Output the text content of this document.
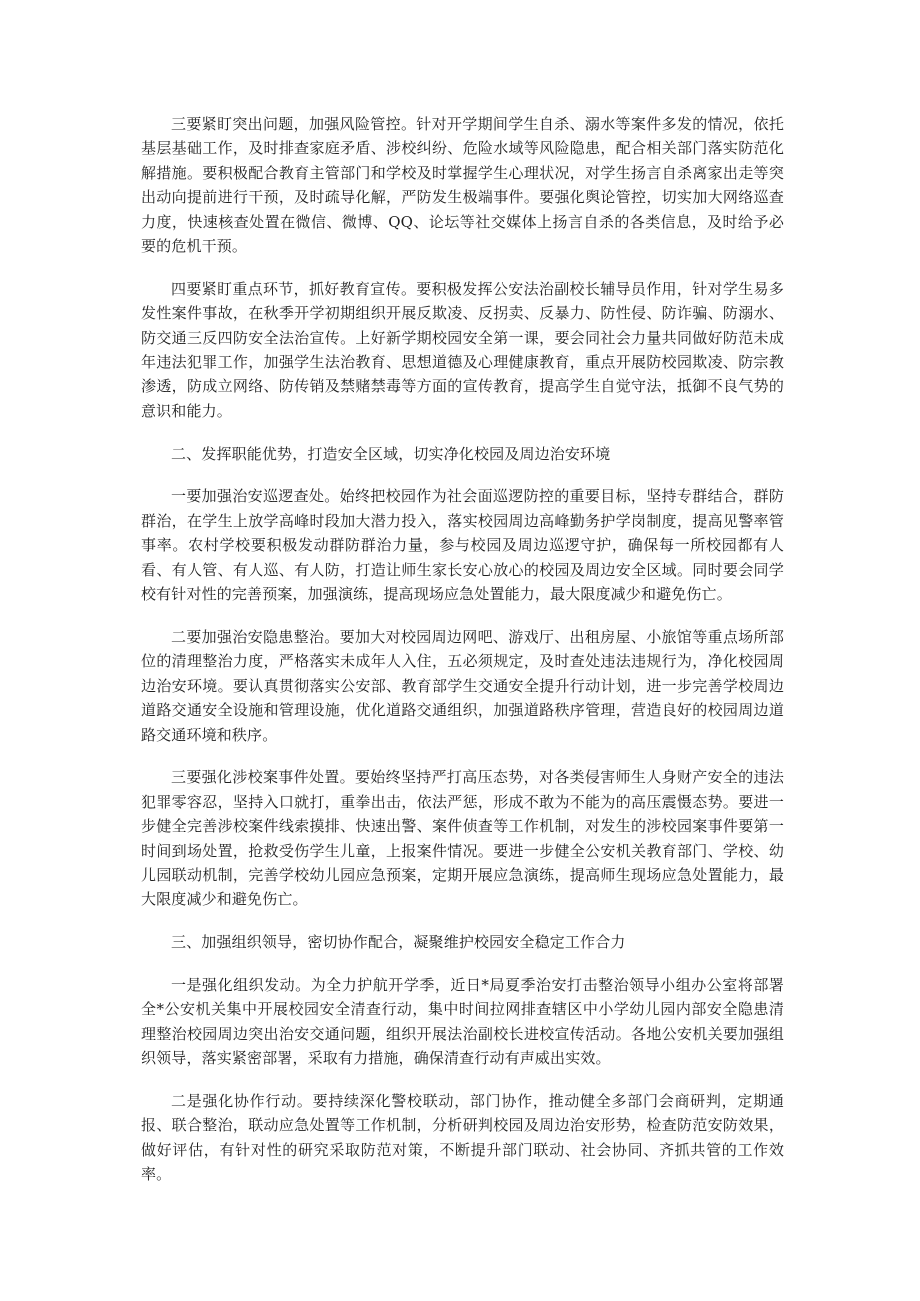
三要紧盯突出问题，加强风险管控。针对开学期间学生自杀、溺水等案件多发的情况，依托基层基础工作，及时排查家庭矛盾、涉校纠纷、危险水域等风险隐患，配合相关部门落实防范化解措施。要积极配合教育主管部门和学校及时掌握学生心理状况，对学生扬言自杀离家出走等突出动向提前进行干预，及时疏导化解，严防发生极端事件。要强化舆论管控，切实加大网络巡查力度，快速核查处置在微信、微博、QQ、论坛等社交媒体上扬言自杀的各类信息，及时给予必要的危机干预。

四要紧盯重点环节，抓好教育宣传。要积极发挥公安法治副校长辅导员作用，针对学生易多发性案件事故，在秋季开学初期组织开展反欺凌、反拐卖、反暴力、防性侵、防诈骗、防溺水、防交通三反四防安全法治宣传。上好新学期校园安全第一课，要会同社会力量共同做好防范未成年违法犯罪工作，加强学生法治教育、思想道德及心理健康教育，重点开展防校园欺凌、防宗教渗透，防成立网络、防传销及禁赌禁毒等方面的宣传教育，提高学生自觉守法，抵御不良气势的意识和能力。

二、发挥职能优势，打造安全区域，切实净化校园及周边治安环境

一要加强治安巡逻查处。始终把校园作为社会面巡逻防控的重要目标，坚持专群结合，群防群治，在学生上放学高峰时段加大潜力投入，落实校园周边高峰勤务护学岗制度，提高见警率管事率。农村学校要积极发动群防群治力量，参与校园及周边巡逻守护，确保每一所校园都有人看、有人管、有人巡、有人防，打造让师生家长安心放心的校园及周边安全区域。同时要会同学校有针对性的完善预案，加强演练，提高现场应急处置能力，最大限度减少和避免伤亡。

二要加强治安隐患整治。要加大对校园周边网吧、游戏厅、出租房屋、小旅馆等重点场所部位的清理整治力度，严格落实未成年人入住，五必须规定，及时查处违法违规行为，净化校园周边治安环境。要认真贯彻落实公安部、教育部学生交通安全提升行动计划，进一步完善学校周边道路交通安全设施和管理设施，优化道路交通组织，加强道路秩序管理，营造良好的校园周边道路交通环境和秩序。

三要强化涉校案事件处置。要始终坚持严打高压态势，对各类侵害师生人身财产安全的违法犯罪零容忍，坚持入口就打，重拳出击，依法严惩，形成不敢为不能为的高压震慑态势。要进一步健全完善涉校案件线索摸排、快速出警、案件侦查等工作机制，对发生的涉校园案事件要第一时间到场处置，抢救受伤学生儿童，上报案件情况。要进一步健全公安机关教育部门、学校、幼儿园联动机制，完善学校幼儿园应急预案，定期开展应急演练，提高师生现场应急处置能力，最大限度减少和避免伤亡。

三、加强组织领导，密切协作配合，凝聚维护校园安全稳定工作合力

一是强化组织发动。为全力护航开学季，近日*局夏季治安打击整治领导小组办公室将部署全*公安机关集中开展校园安全清查行动，集中时间拉网排查辖区中小学幼儿园内部安全隐患清理整治校园周边突出治安交通问题，组织开展法治副校长进校宣传活动。各地公安机关要加强组织领导，落实紧密部署，采取有力措施，确保清查行动有声威出实效。

二是强化协作行动。要持续深化警校联动，部门协作，推动健全多部门会商研判，定期通报、联合整治，联动应急处置等工作机制，分析研判校园及周边治安形势，检查防范安防效果，做好评估，有针对性的研究采取防范对策，不断提升部门联动、社会协同、齐抓共管的工作效率。
